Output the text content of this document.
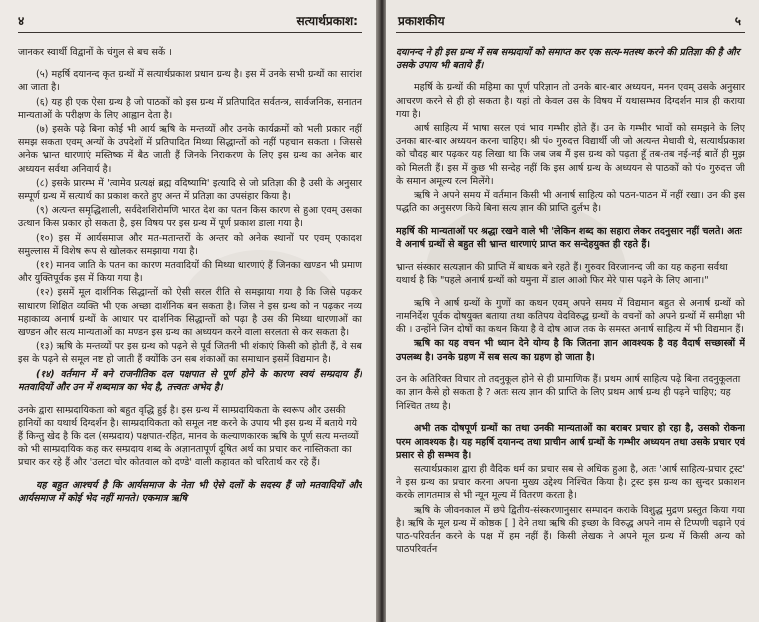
४	सत्यार्थप्रकाश:

जानकर स्वार्थी विद्वानों के चंगुल से बच सकें ।

(५) महर्षि दयानन्द कृत ग्रन्थों में सत्यार्थप्रकाश प्रधान ग्रन्थ है। इस में उनके सभी ग्रन्थों का सारांश आ जाता है।

(६) यह ही एक ऐसा ग्रन्थ है जो पाठकों को इस ग्रन्थ में प्रतिपादित सर्वतन्त्र, सार्वजनिक, सनातन मान्यताओं के परीक्षण के लिए आह्वान देता है।

(७) इसके पढ़े बिना कोई भी आर्य ऋषि के मन्तव्यों और उनके कार्यक्रमों को भली प्रकार नहीं समझ सकता एवम् अन्यों के उपदेशों में प्रतिपादित मिथ्या सिद्धान्तों को नहीं पहचान सकता । जिससे अनेक भ्रान्त धारणाएं मस्तिष्क में बैठ जाती हैं जिनके निराकरण के लिए इस ग्रन्थ का अनेक बार अध्ययन सर्वथा अनिवार्य है।

(८) इसके प्रारम्भ में 'त्वामेव प्रत्यक्षं ब्रह्म वदिष्यामि' इत्यादि से जो प्रतिज्ञा की है उसी के अनुसार सम्पूर्ण ग्रन्थ में सत्यार्थ का प्रकाश करते हुए अन्त में प्रतिज्ञा का उपसंहार किया है।

(९) अत्यन्त समृद्धिशाली, सर्वदेशशिरोमणि भारत देश का पतन किस कारण से हुआ एवम् उसका उत्थान किस प्रकार हो सकता है, इस विषय पर इस ग्रन्थ में पूर्ण प्रकाश डाला गया है।

(१०) इस में आर्यसमाज और मत-मतान्तरों के अन्तर को अनेक स्थानों पर एवम् एकादश समुल्लास में विशेष रूप से खोलकर समझाया गया है।

(११) मानव जाति के पतन का कारण मतवादियों की मिथ्या धारणाएं हैं जिनका खण्डन भी प्रमाण और युक्तिपूर्वक इस में किया गया है।

(१२) इसमें मूल दार्शनिक सिद्धान्तों को ऐसी सरल रीति से समझाया गया है कि जिसे पढ़कर साधारण शिक्षित व्यक्ति भी एक अच्छा दार्शनिक बन सकता है। जिस ने इस ग्रन्थ को न पढ़कर नव्य महाकाव्य अनार्ष ग्रन्थों के आधार पर दार्शनिक सिद्धान्तों को पढ़ा है उस की मिथ्या धारणाओं का खण्डन और सत्य मान्यताओं का मण्डन इस ग्रन्थ का अध्ययन करने वाला सरलता से कर सकता है।

(१३) ऋषि के मन्तव्यों पर इस ग्रन्थ को पढ़ने से पूर्व जितनी भी शंकाएं किसी को होती हैं, वे सब इस के पढ़ने से समूल नष्ट हो जाती हैं क्योंकि उन सब शंकाओं का समाधान इसमें विद्यमान है।

(१४) वर्तमान में बने राजनीतिक दल पक्षपात से पूर्ण होने के कारण स्वयं सम्प्रदाय हैं। मतवादियों और उन में शब्दमात्र का भेद है, तत्त्वतः अभेद है।

उनके द्वारा साम्प्रदायिकता को बहुत वृद्धि हुई है। इस ग्रन्थ में साम्प्रदायिकता के स्वरूप और उसकी हानियों का यथार्थ दिग्दर्शन है। साम्प्रदायिकता को समूल नष्ट करने के उपाय भी इस ग्रन्थ में बताये गये हैं किन्तु खेद है कि दल (सम्प्रदाय) पक्षपात-रहित, मानव के कल्याणकारक ऋषि के पूर्ण सत्य मन्तव्यों को भी साम्प्रदायिक कह कर सम्प्रदाय शब्द के अज्ञानतापूर्ण दूषित अर्थ का प्रचार कर नास्तिकता का प्रचार कर रहे हैं और 'उलटा चोर कोतवाल को दण्डे' वाली कहावत को चरितार्थ कर रहे हैं।

यह बहुत आश्चर्य है कि आर्यसमाज के नेता भी ऐसे दलों के सदस्य हैं जो मतवादियों और आर्यसमाज में कोई भेद नहीं मानते। एकमात्र ऋषि

प्रकाशकीय	५

दयानन्द ने ही इस ग्रन्थ में सब सम्प्रदायों को समाप्त कर एक सत्य-मतस्थ करने की प्रतिज्ञा की है और उसके उपाय भी बताये हैं।

महर्षि के ग्रन्थों की महिमा का पूर्ण परिज्ञान तो उनके बार-बार अध्ययन, मनन एवम् उसके अनुसार आचरण करने से ही हो सकता है। यहां तो केवल उस के विषय में यथासम्भव दिग्दर्शन मात्र ही कराया गया है।

आर्ष साहित्य में भाषा सरल एवं भाव गम्भीर होते हैं। उन के गम्भीर भावों को समझने के लिए उनका बार-बार अध्ययन करना चाहिए। श्री पं० गुरुदत्त विद्यार्थी जी जो अत्यन्त मेधावी थे, सत्यार्थप्रकाश को चौदह बार पढ़कर यह लिखा था कि जब जब मैं इस ग्रन्थ को पढ़ता हूँ तब-तब नई-नई बातें ही मुझ को मिलती हैं। इस में कुछ भी सन्देह नहीं कि इस आर्ष ग्रन्थ के अध्ययन से पाठकों को पं० गुरुदत्त जी के समान अमूल्य रत्न मिलेंगे।

ऋषि ने अपने समय में वर्तमान किसी भी अनार्ष साहित्य को पठन-पाठन में नहीं रखा। उन की इस पद्धति का अनुसरण किये बिना सत्य ज्ञान की प्राप्ति दुर्लभ है।

महर्षि की मान्यताओं पर श्रद्धा रखने वाले भी 'लेकिन शब्द का सहारा लेकर तदनुसार नहीं चलते। अतः वे अनार्ष ग्रन्थों से बहुत सी भ्रान्त धारणाएं प्राप्त कर सन्देहयुक्त ही रहते हैं।

भ्रान्त संस्कार सत्यज्ञान की प्राप्ति में बाधक बने रहते हैं। गुरुवर विरजानन्द जी का यह कहना सर्वथा यथार्थ है कि "पहले अनार्ष ग्रन्थों को यमुना में डाल आओ फिर मेरे पास पढ़ने के लिए आना।"

ऋषि ने आर्ष ग्रन्थों के गुणों का कथन एवम् अपने समय में विद्यमान बहुत से अनार्ष ग्रन्थों को नामनिर्देश पूर्वक दोषयुक्त बताया तथा कतिपय वेदविरुद्ध ग्रन्थों के वचनों को अपने ग्रन्थों में समीक्षा भी की । उन्होंने जिन दोषों का कथन किया है वे दोष आज तक के समस्त अनार्ष साहित्य में भी विद्यमान हैं।

ऋषि का यह वचन भी ध्यान देने योग्य है कि जितना ज्ञान आवश्यक है वह वैदार्ष सच्छास्त्रों में उपलब्ध है। उनके ग्रहण में सब सत्य का ग्रहण हो जाता है।

उन के अतिरिक्त विचार तो तदनुकूल होने से ही प्रामाणिक हैं। प्रथम आर्ष साहित्य पढ़े बिना तदनुकूलता का ज्ञान कैसे हो सकता है ? अतः सत्य ज्ञान की प्राप्ति के लिए प्रथम आर्ष ग्रन्थ ही पढ़ने चाहिए; यह निश्चित तथ्य है।

अभी तक दोषपूर्ण ग्रन्थों का तथा उनकी मान्यताओं का बराबर प्रचार हो रहा है, उसको रोकना परम आवश्यक है। यह महर्षि दयानन्द तथा प्राचीन आर्ष ग्रन्थों के गम्भीर अध्ययन तथा उसके प्रचार एवं प्रसार से ही सम्भव है।

सत्यार्थप्रकाश द्वारा ही वैदिक धर्म का प्रचार सब से अधिक हुआ है, अतः 'आर्ष साहित्य-प्रचार ट्रस्ट' ने इस ग्रन्थ का प्रचार करना अपना मुख्य उद्देश्य निश्चित किया है। ट्रस्ट इस ग्रन्थ का सुन्दर प्रकाशन करके लागतमात्र से भी न्यून मूल्य में वितरण करता है।

ऋषि के जीवनकाल में छपे द्वितीय-संस्करणानुसार सम्पादन कराके विशुद्ध मुद्रण प्रस्तुत किया गया है। ऋषि के मूल ग्रन्थ में कोष्ठक [ ] देने तथा ऋषि की इच्छा के विरुद्ध अपने नाम से टिप्पणी चढ़ाने एवं पाठ-परिवर्तन करने के पक्ष में हम नहीं हैं। किसी लेखक ने अपने मूल ग्रन्थ में किसी अन्य को पाठपरिवर्तन
